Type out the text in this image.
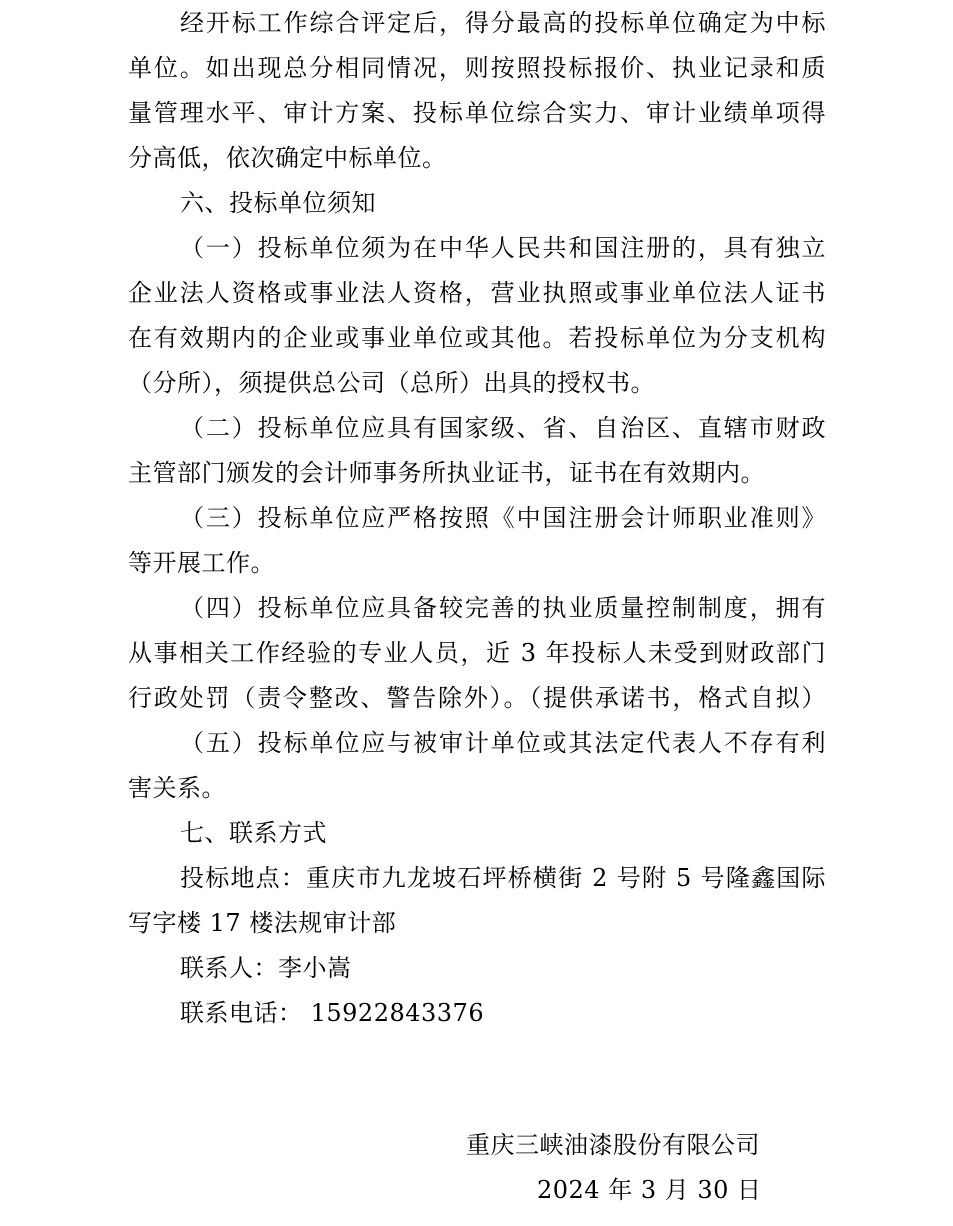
经开标工作综合评定后，得分最高的投标单位确定为中标
单位。如出现总分相同情况，则按照投标报价、执业记录和质
量管理水平、审计方案、投标单位综合实力、审计业绩单项得
分高低，依次确定中标单位。
六、投标单位须知
（一）投标单位须为在中华人民共和国注册的，具有独立
企业法人资格或事业法人资格，营业执照或事业单位法人证书
在有效期内的企业或事业单位或其他。若投标单位为分支机构
（分所），须提供总公司（总所）出具的授权书。
（二）投标单位应具有国家级、省、自治区、直辖市财政
主管部门颁发的会计师事务所执业证书，证书在有效期内。
（三）投标单位应严格按照《中国注册会计师职业准则》
等开展工作。
（四）投标单位应具备较完善的执业质量控制制度，拥有
从事相关工作经验的专业人员，近 3 年投标人未受到财政部门
行政处罚（责令整改、警告除外）。（提供承诺书，格式自拟）
（五）投标单位应与被审计单位或其法定代表人不存有利
害关系。
七、联系方式
投标地点：重庆市九龙坡石坪桥横街 2 号附 5 号隆鑫国际
写字楼 17 楼法规审计部
联系人：李小嵩
联系电话： 15922843376
重庆三峡油漆股份有限公司
2024 年 3 月 30 日
